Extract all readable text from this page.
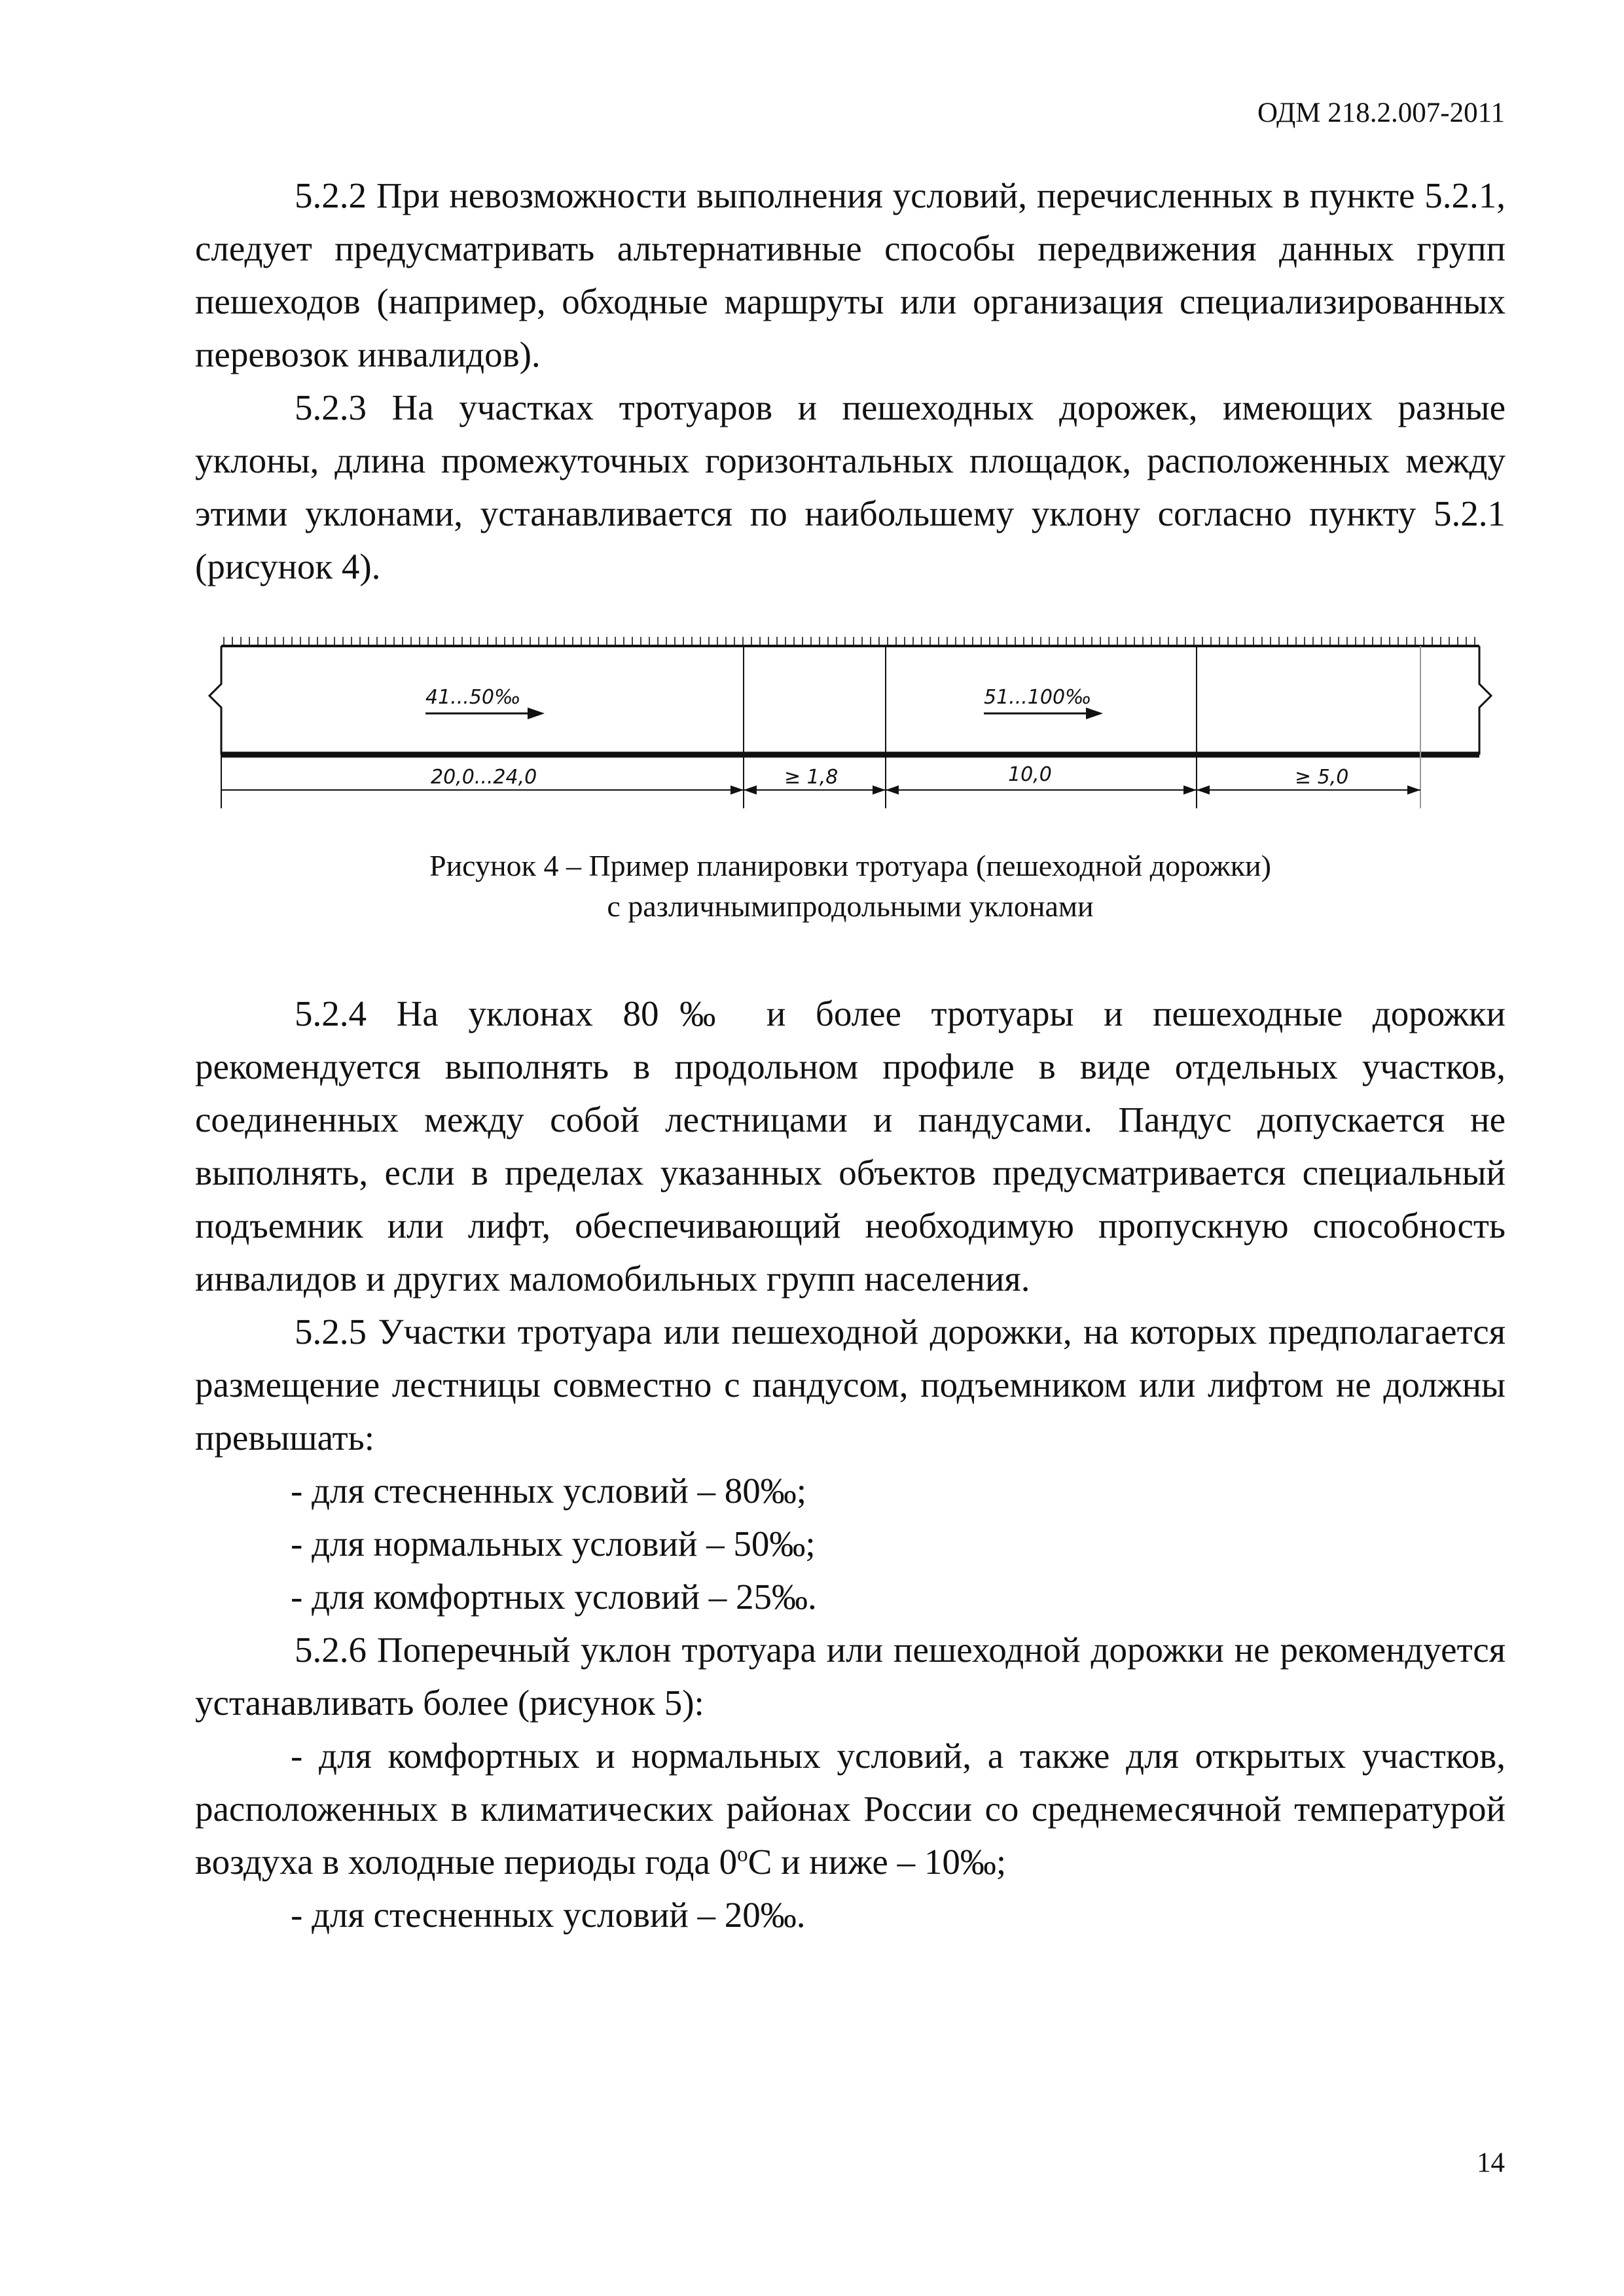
ОДМ 218.2.007-2011

5.2.2 При невозможности выполнения условий, перечисленных в пункте 5.2.1, следует предусматривать альтернативные способы передвижения данных групп пешеходов (например, обходные маршруты или организация специализированных перевозок инвалидов).

5.2.3 На участках тротуаров и пешеходных дорожек, имеющих разные уклоны, длина промежуточных горизонтальных площадок, расположенных между этими уклонами, устанавливается по наибольшему уклону согласно пункту 5.2.1 (рисунок 4).

41...50‰	51...100‰
20,0...24,0	≥ 1,8	10,0	≥ 5,0
Рисунок 4 – Пример планировки тротуара (пешеходной дорожки)
с различнымипродольными уклонами

5.2.4 На уклонах 80‰ и более тротуары и пешеходные дорожки рекомендуется выполнять в продольном профиле в виде отдельных участков, соединенных между собой лестницами и пандусами. Пандус допускается не выполнять, если в пределах указанных объектов предусматривается специальный подъемник или лифт, обеспечивающий необходимую пропускную способность инвалидов и других маломобильных групп населения.

5.2.5 Участки тротуара или пешеходной дорожки, на которых предполагается размещение лестницы совместно с пандусом, подъемником или лифтом не должны превышать:

- для стесненных условий – 80‰;

- для нормальных условий – 50‰;

- для комфортных условий – 25‰.

5.2.6 Поперечный уклон тротуара или пешеходной дорожки не рекомендуется устанавливать более (рисунок 5):

- для комфортных и нормальных условий, а также для открытых участков, расположенных в климатических районах России со среднемесячной температурой воздуха в холодные периоды года 0$^o$С и ниже – 10‰;

- для стесненных условий – 20‰.

14
